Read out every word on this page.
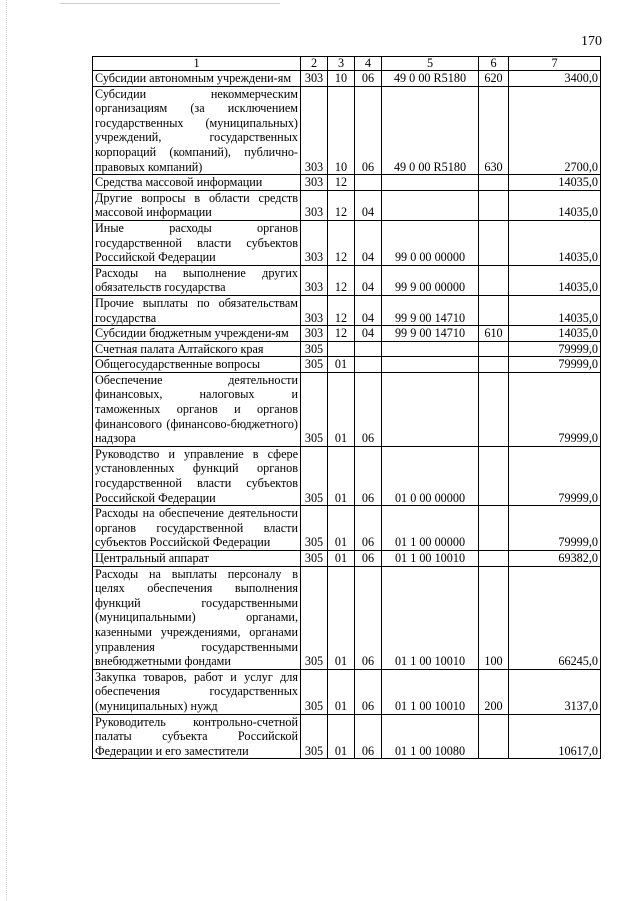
170
1	2	3	4	5	6	7
Субсидии автономным учреждени-ям	303	10	06	49 0 00 R5180	620	3400,0
Субсидии некоммерческим организациям (за исключением государственных (муниципальных) учреждений, государственных корпораций (компаний), публично-правовых компаний)	303	10	06	49 0 00 R5180	630	2700,0
Средства массовой информации	303	12				14035,0
Другие вопросы в области средств массовой информации	303	12	04			14035,0
Иные расходы органов государственной власти субъектов Российской Федерации	303	12	04	99 0 00 00000		14035,0
Расходы на выполнение других обязательств государства	303	12	04	99 9 00 00000		14035,0
Прочие выплаты по обязательствам государства	303	12	04	99 9 00 14710		14035,0
Субсидии бюджетным учреждени-ям	303	12	04	99 9 00 14710	610	14035,0
Счетная палата Алтайского края	305					79999,0
Общегосударственные вопросы	305	01				79999,0
Обеспечение деятельности финансовых, налоговых и таможенных органов и органов финансового (финансово-бюджетного) надзора	305	01	06			79999,0
Руководство и управление в сфере установленных функций органов государственной власти субъектов Российской Федерации	305	01	06	01 0 00 00000		79999,0
Расходы на обеспечение деятельности органов государственной власти субъектов Российской Федерации	305	01	06	01 1 00 00000		79999,0
Центральный аппарат	305	01	06	01 1 00 10010		69382,0
Расходы на выплаты персоналу в целях обеспечения выполнения функций государственными (муниципальными) органами, казенными учреждениями, органами управления государственными внебюджетными фондами	305	01	06	01 1 00 10010	100	66245,0
Закупка товаров, работ и услуг для обеспечения государственных (муниципальных) нужд	305	01	06	01 1 00 10010	200	3137,0
Руководитель контрольно-счетной палаты субъекта Российской Федерации и его заместители	305	01	06	01 1 00 10080		10617,0
